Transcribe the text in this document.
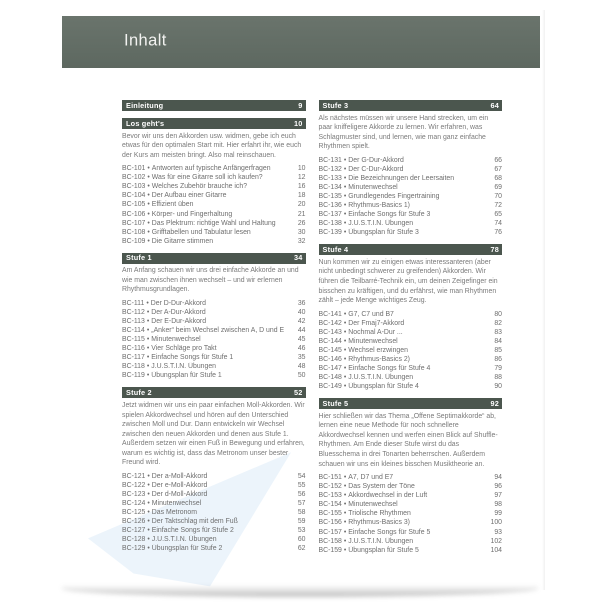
Inhalt
Einleitung	9
Los geht's	10
Bevor wir uns den Akkorden usw. widmen, gebe ich euch etwas für den optimalen Start mit. Hier erfahrt ihr, wie euch der Kurs am meisten bringt. Also mal reinschauen.
BC-101 • Antworten auf typische Anfängerfragen	10
BC-102 • Was für eine Gitarre soll ich kaufen?	12
BC-103 • Welches Zubehör brauche ich?	16
BC-104 • Der Aufbau einer Gitarre	18
BC-105 • Effizient üben	20
BC-106 • Körper- und Fingerhaltung	21
BC-107 • Das Plektrum: richtige Wahl und Haltung	26
BC-108 • Grifftabellen und Tabulatur lesen	30
BC-109 • Die Gitarre stimmen	32
Stufe 1	34
Am Anfang schauen wir uns drei einfache Akkorde an und wie man zwischen ihnen wechselt – und wir erlernen Rhythmusgrundlagen.
BC-111 • Der D-Dur-Akkord	36
BC-112 • Der A-Dur-Akkord	40
BC-113 • Der E-Dur-Akkord	42
BC-114 • „Anker“ beim Wechsel zwischen A, D und E	44
BC-115 • Minutenwechsel	45
BC-116 • Vier Schläge pro Takt	46
BC-117 • Einfache Songs für Stufe 1	35
BC-118 • J.U.S.T.I.N. Übungen	48
BC-119 • Übungsplan für Stufe 1	50
Stufe 2	52
Jetzt widmen wir uns ein paar einfachen Moll-Akkorden. Wir spielen Akkordwechsel und hören auf den Unterschied zwischen Moll und Dur. Dann entwickeln wir Wechsel zwischen den neuen Akkorden und denen aus Stufe 1. Außerdem setzen wir einen Fuß in Bewegung und erfahren, warum es wichtig ist, dass das Metronom unser bester Freund wird.
BC-121 • Der a-Moll-Akkord	54
BC-122 • Der e-Moll-Akkord	55
BC-123 • Der d-Moll-Akkord	56
BC-124 • Minutenwechsel	57
BC-125 • Das Metronom	58
BC-126 • Der Taktschlag mit dem Fuß	59
BC-127 • Einfache Songs für Stufe 2	53
BC-128 • J.U.S.T.I.N. Übungen	60
BC-129 • Übungsplan für Stufe 2	62
Stufe 3	64
Als nächstes müssen wir unsere Hand strecken, um ein paar kniffeligere Akkorde zu lernen. Wir erfahren, was Schlagmuster sind, und lernen, wie man ganz einfache Rhythmen spielt.
BC-131 • Der G-Dur-Akkord	66
BC-132 • Der C-Dur-Akkord	67
BC-133 • Die Bezeichnungen der Leersaiten	68
BC-134 • Minutenwechsel	69
BC-135 • Grundlegendes Fingertraining	70
BC-136 • Rhythmus-Basics 1)	72
BC-137 • Einfache Songs für Stufe 3	65
BC-138 • J.U.S.T.I.N. Übungen	74
BC-139 • Übungsplan für Stufe 3	76
Stufe 4	78
Nun kommen wir zu einigen etwas interessanteren (aber nicht unbedingt schwerer zu greifenden) Akkorden. Wir führen die Teilbarré-Technik ein, um deinen Zeigefinger ein bisschen zu kräftigen, und du erfährst, wie man Rhythmen zählt – jede Menge wichtiges Zeug.
BC-141 • G7, C7 und B7	80
BC-142 • Der Fmaj7-Akkord	82
BC-143 • Nochmal A-Dur ...	83
BC-144 • Minutenwechsel	84
BC-145 • Wechsel erzwingen	85
BC-146 • Rhythmus-Basics 2)	86
BC-147 • Einfache Songs für Stufe 4	79
BC-148 • J.U.S.T.I.N. Übungen	88
BC-149 • Übungsplan für Stufe 4	90
Stufe 5	92
Hier schließen wir das Thema „Offene Septimakkorde“ ab, lernen eine neue Methode für noch schnellere Akkordwechsel kennen und werfen einen Blick auf Shuffle-Rhythmen. Am Ende dieser Stufe wirst du das Bluesschema in drei Tonarten beherrschen. Außerdem schauen wir uns ein kleines bisschen Musiktheorie an.
BC-151 • A7, D7 und E7	94
BC-152 • Das System der Töne	96
BC-153 • Akkordwechsel in der Luft	97
BC-154 • Minutenwechsel	98
BC-155 • Triolische Rhythmen	99
BC-156 • Rhythmus-Basics 3)	100
BC-157 • Einfache Songs für Stufe 5	93
BC-158 • J.U.S.T.I.N. Übungen	102
BC-159 • Übungsplan für Stufe 5	104
